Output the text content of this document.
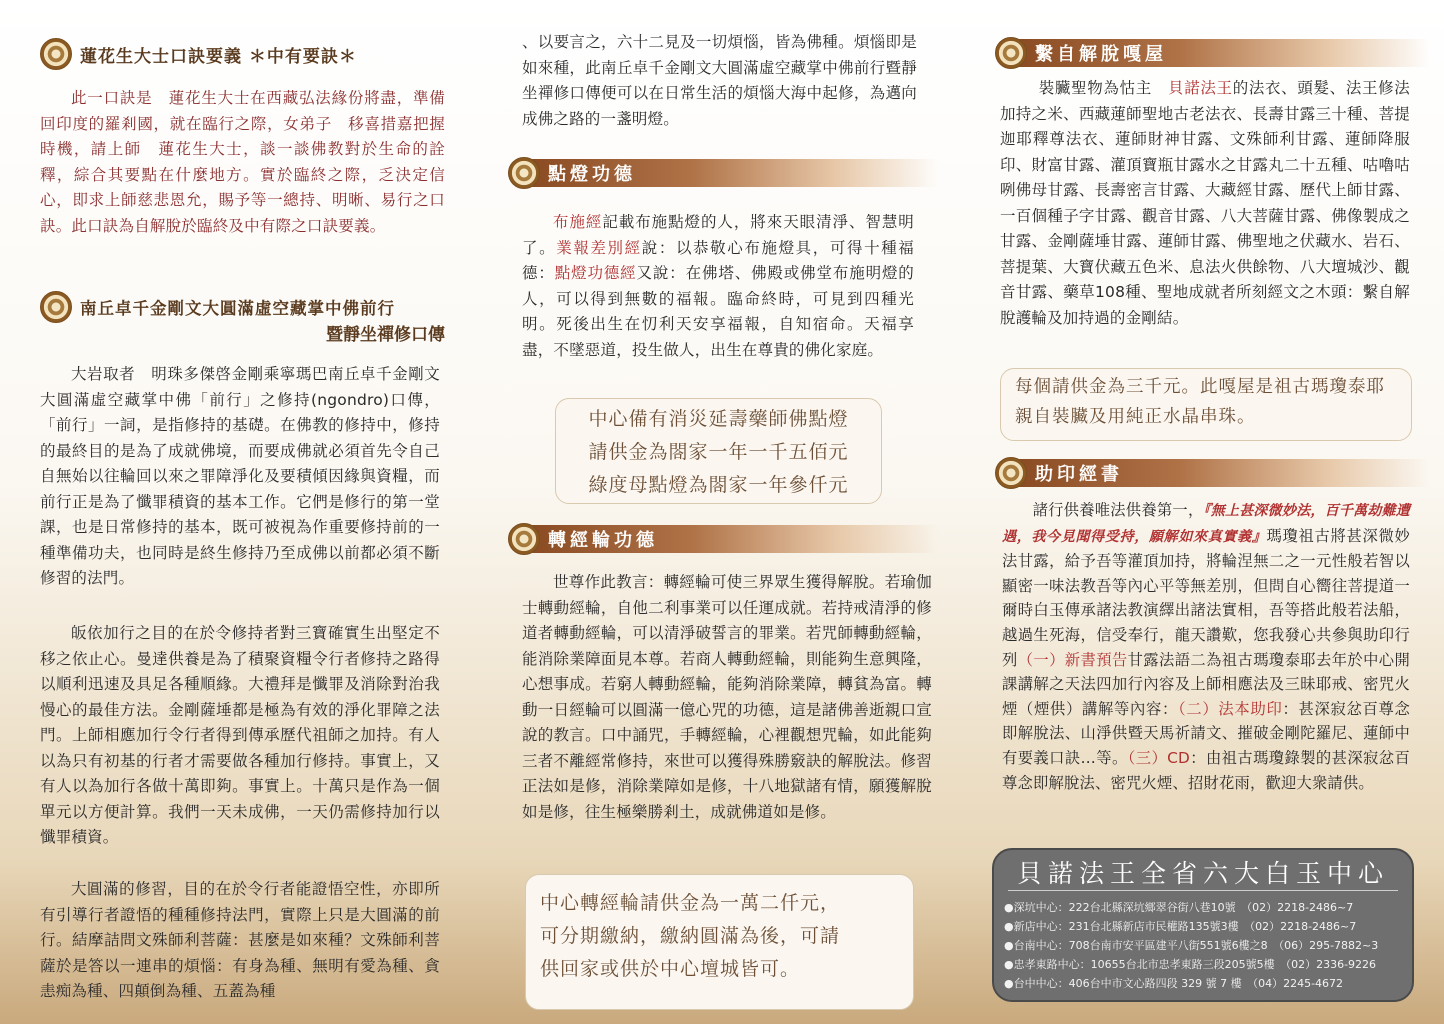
蓮花生大士口訣要義 ＊中有要訣＊

此一口訣是　蓮花生大士在西藏弘法緣份將盡，準備回印度的羅剎國，就在臨行之際，女弟子　移喜措嘉把握時機，請上師　蓮花生大士，談一談佛教對於生命的詮釋，綜合其要點在什麼地方。實於臨終之際，乏決定信心，即求上師慈悲恩允，賜予等一總持、明晰、易行之口訣。此口訣為自解脫於臨終及中有際之口訣要義。

南丘卓千金剛文大圓滿虛空藏掌中佛前行
暨靜坐禪修口傳

大岩取者　明珠多傑啓金剛乘寧瑪巴南丘卓千金剛文大圓滿虛空藏掌中佛「前行」之修持(ngondro)口傳，「前行」一詞，是指修持的基礎。在佛教的修持中，修持的最終目的是為了成就佛境，而要成佛就必須首先令自己自無始以往輪回以來之罪障淨化及要積傾因緣與資糧，而前行正是為了懺罪積資的基本工作。它們是修行的第一堂課，也是日常修持的基本，既可被視為作重要修持前的一種準備功夫，也同時是終生修持乃至成佛以前都必須不斷修習的法門。

皈依加行之目的在於令修持者對三寶確實生出堅定不移之依止心。曼達供養是為了積聚資糧令行者修持之路得以順利迅速及具足各種順緣。大禮拜是懺罪及消除對治我慢心的最佳方法。金剛薩埵都是極為有效的淨化罪障之法門。上師相應加行令行者得到傳承歷代祖師之加持。有人以為只有初基的行者才需要做各種加行修持。事實上，又有人以為加行各做十萬即夠。事實上。十萬只是作為一個單元以方便計算。我們一天未成佛，一天仍需修持加行以懺罪積資。

大圓滿的修習，目的在於令行者能證悟空性，亦即所有引導行者證悟的種種修持法門，實際上只是大圓滿的前行。結摩詰問文殊師利菩薩：甚麼是如來種？文殊師利菩薩於是答以一連串的煩惱：有身為種、無明有愛為種、貪恚痴為種、四顛倒為種、五蓋為種

、以要言之，六十二見及一切煩惱，皆為佛種。煩惱即是如來種，此南丘卓千金剛文大圓滿虛空藏掌中佛前行暨靜坐禪修口傳便可以在日常生活的煩惱大海中起修，為邁向成佛之路的一盞明燈。

點燈功德

布施經記載布施點燈的人，將來天眼清淨、智慧明了。業報差別經說：以恭敬心布施燈具，可得十種福德：點燈功德經又說：在佛塔、佛殿或佛堂布施明燈的人，可以得到無數的福報。臨命終時，可見到四種光明。死後出生在忉利天安享福報，自知宿命。天福享盡，不墜惡道，投生做人，出生在尊貴的佛化家庭。

中心備有消災延壽藥師佛點燈
請供金為閤家一年一千五佰元
綠度母點燈為閤家一年參仟元
轉經輪功德

世尊作此教言：轉經輪可使三界眾生獲得解脫。若瑜伽士轉動經輪，自他二利事業可以任運成就。若持戒清淨的修道者轉動經輪，可以清淨破誓言的罪業。若咒師轉動經輪，能消除業障面見本尊。若商人轉動經輪，則能夠生意興隆，心想事成。若窮人轉動經輪，能夠消除業障，轉貧為富。轉動一日經輪可以圓滿一億心咒的功德，這是諸佛善逝親口宣說的教言。口中誦咒，手轉經輪，心裡觀想咒輪，如此能夠三者不離經常修持，來世可以獲得殊勝竅訣的解脫法。修習正法如是修，消除業障如是修，十八地獄諸有情，願獲解脫如是修，往生極樂勝剎土，成就佛道如是修。

中心轉經輪請供金為一萬二仟元，
可分期繳納，繳納圓滿為後，可請
供回家或供於中心壇城皆可。
繫自解脫嘎屋

裝臟聖物為怙主　貝諾法王的法衣、頭髮、法王修法加持之米、西藏蓮師聖地古老法衣、長壽甘露三十種、菩提迦耶釋尊法衣、蓮師財神甘露、文殊師利甘露、蓮師降服印、財富甘露、灌頂寶瓶甘露水之甘露丸二十五種、咕嚕咕咧佛母甘露、長壽密言甘露、大藏經甘露、歷代上師甘露、一百個種子字甘露、觀音甘露、八大菩薩甘露、佛像製成之甘露、金剛薩埵甘露、蓮師甘露、佛聖地之伏藏水、岩石、菩提葉、大寶伏藏五色米、息法火供餘物、八大壇城沙、觀音甘露、藥草108種、聖地成就者所刻經文之木頭：繫自解脫護輪及加持過的金剛結。

每個請供金為三千元。此嘎屋是祖古瑪瓊泰耶
親自裝臟及用純正水晶串珠。
助印經書

諸行供養唯法供養第一，『無上甚深微妙法，百千萬劫難遭遇，我今見聞得受持，願解如來真實義』瑪瓊祖古將甚深微妙法甘露，給予吾等灌頂加持，將輪涅無二之一元性般若智以顯密一味法教吾等內心平等無差別，但問自心嚮往菩提道一爾時白玉傳承諸法教演繹出諸法實相，吾等搭此般若法船，越過生死海，信受奉行，龍天讚歎，您我發心共參與助印行列（一）新書預告甘露法語二為祖古瑪瓊泰耶去年於中心開課講解之天法四加行內容及上師相應法及三昧耶戒、密咒火煙（煙供）講解等內容：（二）法本助印：甚深寂忿百尊念即解脫法、山淨供暨天馬祈請文、摧破金剛陀羅尼、蓮師中有要義口訣…等。（三）CD：由祖古瑪瓊錄製的甚深寂忿百尊念即解脫法、密咒火煙、招財花雨，歡迎大衆請供。

貝諾法王全省六大白玉中心
●深坑中心：222台北縣深坑鄉翠谷街八巷10號　（02）2218-2486~7
●新店中心：231台北縣新店市民權路135號3樓　（02）2218-2486~7
●台南中心：708台南市安平區建平八街551號6樓之8　（06）295-7882~3
●忠孝東路中心：10655台北市忠孝東路三段205號5樓　（02）2336-9226
●台中中心：406台中市文心路四段 329 號 7 樓　（04）2245-4672
